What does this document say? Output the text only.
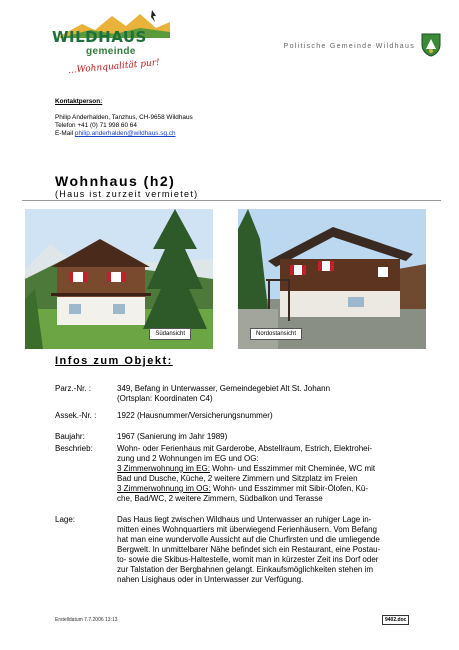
WILDHAUS
gemeinde
...Wohnqualität pur!
Politische Gemeinde Wildhaus
Kontaktperson:
Philip Anderhalden, Tanzhus, CH-9658 Wildhaus
Telefon +41 (0) 71 998 60 64
E-Mail philip.anderhalden@wildhaus.sg.ch
Wohnhaus (h2)
(Haus ist zurzeit vermietet)
Südansicht	Nordostansicht
Infos zum Objekt:
Parz.-Nr. :	349, Befang in Unterwasser, Gemeindegebiet Alt St. Johann
(Ortsplan: Koordinaten C4)
Assek.-Nr. :	1922 (Hausnummer/Versicherungsnummer)
Baujahr:	1967 (Sanierung im Jahr 1989)
Beschrieb:	Wohn- oder Ferienhaus mit Garderobe, Abstellraum, Estrich, Elektrohei-
zung und 2 Wohnungen im EG und OG:
3 Zimmerwohnung im EG: Wohn- und Esszimmer mit Cheminée, WC mit
Bad und Dusche, Küche, 2 weitere Zimmern und Sitzplatz im Freien
3 Zimmerwohnung im OG: Wohn- und Esszimmer mit Sibir-Ölofen, Kü-
che, Bad/WC, 2 weitere Zimmern, Südbalkon und Terasse
Lage:	Das Haus liegt zwischen Wildhaus und Unterwasser an ruhiger Lage in-
mitten eines Wohnquartiers mit überwiegend Ferienhäusern. Vom Befang
hat man eine wundervolle Aussicht auf die Churfirsten und die umliegende
Bergwelt. In unmittelbarer Nähe befindet sich ein Restaurant, eine Postau-
to- sowie die Skibus-Haltestelle, womit man in kürzester Zeit ins Dorf oder
zur Talstation der Bergbahnen gelangt. Einkaufsmöglichkeiten stehen im
nahen Lisighaus oder in Unterwasser zur Verfügung.
Erstelldatum 7.7.2006 13:13	9402.doc
